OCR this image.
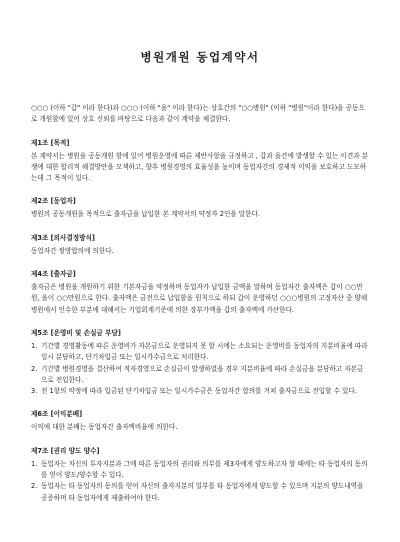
병원개원 동업계약서

○○○ (이하 "갑" 이라 한다)과 ○○○ (이하 "을" 이라 한다)는 상호간의 "○○병원" (이하 "병원"이라 한다)을 공동으로 개원함에 있어 상호 신뢰를 바탕으로 다음과 같이 계약을 체결한다.

제1조 [목적]

본 계약서는 병원을 공동개원 함에 있어 병원운영에 따른 제반사항을 규정하고 , 갑과 을간에 발생할 수 있는 이견과 분쟁에 대한 합리적 해결방안을 모색하고, 향후 병원경영의 효율성을 높이며 동업자간의 경제적 이익을 보호하고 도모하는데 그 목적이 있다.

제2조 [동업자]

병원의 공동개원을 목적으로 출자금을 납입한 본 계약서의 약정자 2인을 말한다.

제3조 [의사결정방식]

동업자간 쌍방합의에 의한다.

제4조 [출자금]

출자금은 병원을 개원하기 위한 기본자금을 약정하며 동업자가 납입한 금액을 말하며 동업자간 출자액은 갑이 ○○만원, 을이 ○○만원으로 한다. 출자액은 금전으로 납입함을 원칙으로 하되 갑이 운영하던 ○○○병원의 고정자산 중 양해 병원에서 인수한 부분에 대해서는 기업회계기준에 의한 장부가액을 갑의 출자액에 가산한다.

제5조 [운영비 및 손실금 부담]

1. 기간별 경영활동에 따른 운영비가 자본금으로 운영되지 못 할 시에는 소요되는 운영비를 동업자의 지분비율에 따라 일시 분담하고, 단기차입금 또는 일시가수금으로 처리한다.
2. 기간별 병원경영을 결산하여 적자경영으로 손실금이 발생하였을 경우 지분비율에 따라 손실금을 분담하고 자본금으로 전입한다.
3. 전 1항의 약정에 따라 입금된 단기차입금 또는 일시가수금은 동업자간 합의를 거쳐 출자금으로 전입할 수 있다.

제6조 [이익분배]

이익에 대한 분배는 동업자간 출자액비율에 의한다.

제7조 [권리 양도 양수]

1. 동업자는 자신의 투자지분과 그에 따른 동업자의 권리와 의무를 제3자에게 양도하고자 할 때에는 타 동업자의 동의를 얻어 양도/양수할 수 있다.
2. 동업자는 타 동업자의 동의를 얻어 자신의 출자지분의 일부를 타 동업자에게 양도할 수 있으며 지분의 양도내역을 공증하며 타 동업자에게 제출하여야 한다.
